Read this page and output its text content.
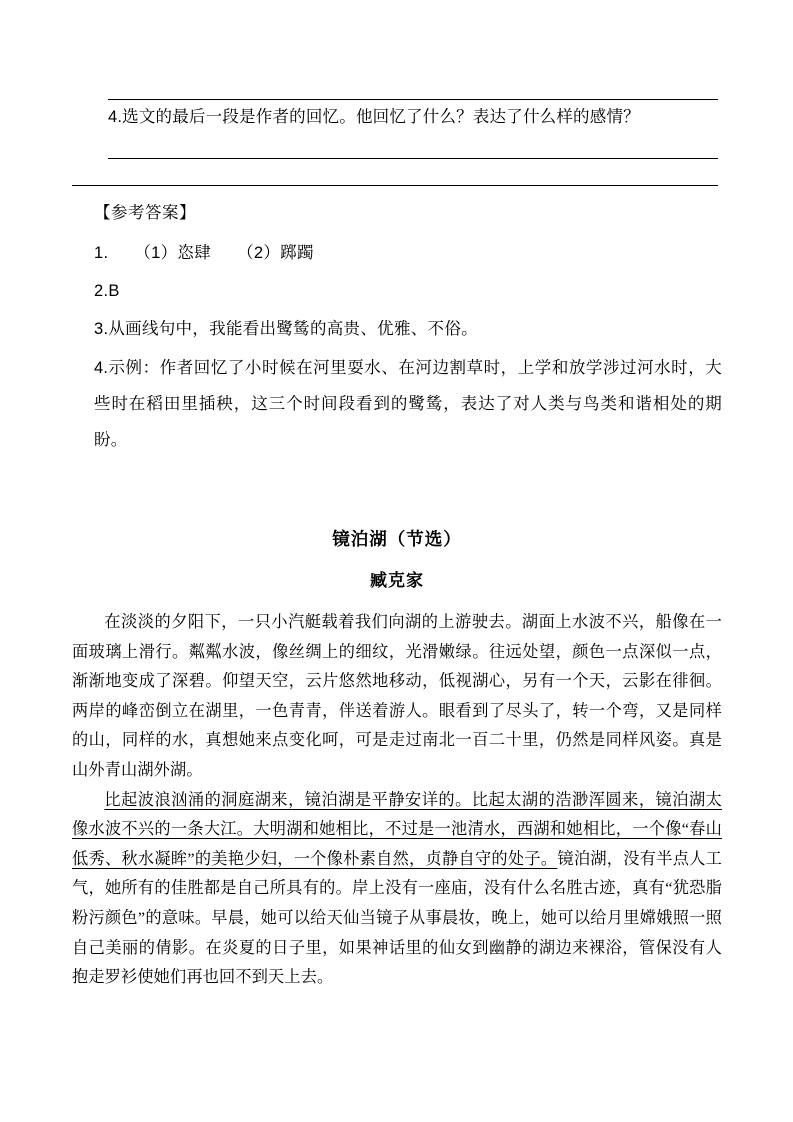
4.选文的最后一段是作者的回忆。他回忆了什么？表达了什么样的感情？

【参考答案】

1. （1）恣肆 （2）踯躅

2.B

3.从画线句中，我能看出鹭鸶的高贵、优雅、不俗。

4.示例：作者回忆了小时候在河里耍水、在河边割草时，上学和放学涉过河水时，大些时在稻田里插秧，这三个时间段看到的鹭鸶，表达了对人类与鸟类和谐相处的期盼。

镜泊湖（节选）

臧克家

在淡淡的夕阳下，一只小汽艇载着我们向湖的上游驶去。湖面上水波不兴，船像在一面玻璃上滑行。粼粼水波，像丝绸上的细纹，光滑嫩绿。往远处望，颜色一点深似一点，渐渐地变成了深碧。仰望天空，云片悠然地移动，低视湖心，另有一个天，云影在徘徊。两岸的峰峦倒立在湖里，一色青青，伴送着游人。眼看到了尽头了，转一个弯，又是同样的山，同样的水，真想她来点变化呵，可是走过南北一百二十里，仍然是同样风姿。真是山外青山湖外湖。

比起波浪汹涌的洞庭湖来，镜泊湖是平静安详的。比起太湖的浩渺浑圆来，镜泊湖太像水波不兴的一条大江。大明湖和她相比，不过是一池清水，西湖和她相比，一个像“春山低秀、秋水凝眸”的美艳少妇，一个像朴素自然，贞静自守的处子。镜泊湖，没有半点人工气，她所有的佳胜都是自己所具有的。岸上没有一座庙，没有什么名胜古迹，真有“犹恐脂粉污颜色”的意味。早晨，她可以给天仙当镜子从事晨妆，晚上，她可以给月里嫦娥照一照自己美丽的倩影。在炎夏的日子里，如果神话里的仙女到幽静的湖边来裸浴，管保没有人抱走罗衫使她们再也回不到天上去。
